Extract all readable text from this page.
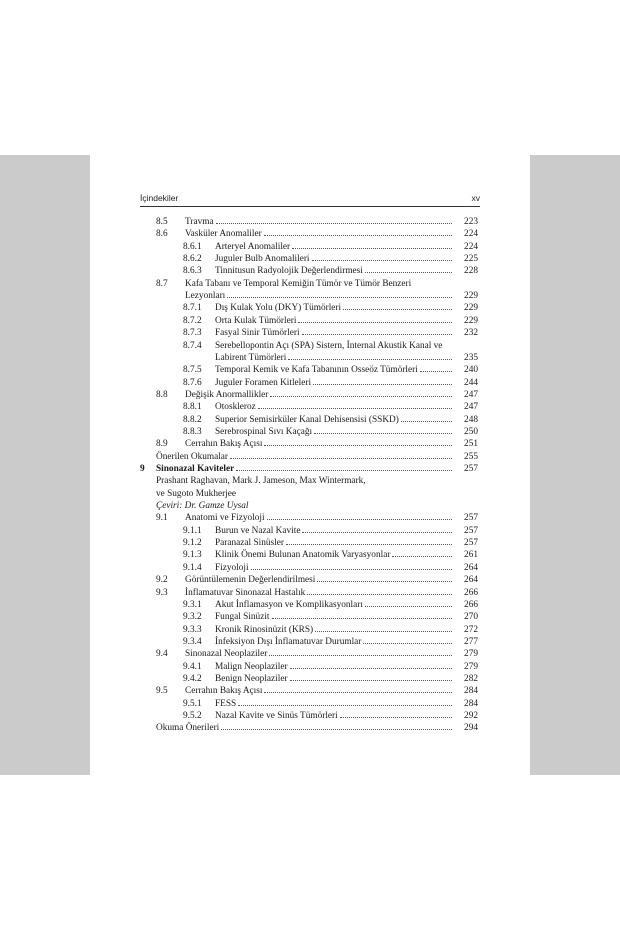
İçindekiler	xv
8.5 Travma	223
8.6 Vasküler Anomaliler	224
8.6.1 Arteryel Anomaliler	224
8.6.2 Juguler Bulb Anomalileri	225
8.6.3 Tinnitusun Radyolojik Değerlendirmesi	228
8.7 Kafa Tabanı ve Temporal Kemiğin Tümör ve Tümör Benzeri
Lezyonları	229
8.7.1 Dış Kulak Yolu (DKY) Tümörleri	229
8.7.2 Orta Kulak Tümörleri	229
8.7.3 Fasyal Sinir Tümörleri	232
8.7.4 Serebellopontin Açı (SPA) Sistern, İnternal Akustik Kanal ve
Labirent Tümörleri	235
8.7.5 Temporal Kemik ve Kafa Tabanının Osseöz Tümörleri	240
8.7.6 Juguler Foramen Kitleleri	244
8.8 Değişik Anormallikler	247
8.8.1 Otoskleroz	247
8.8.2 Superior Semisirküler Kanal Dehisensisi (SSKD)	248
8.8.3 Serebrospinal Sıvı Kaçağı	250
8.9 Cerrahın Bakış Açısı	251
Önerilen Okumalar	255
9 Sinonazal Kaviteler	257
Prashant Raghavan, Mark J. Jameson, Max Wintermark,
ve Sugoto Mukherjee
Çeviri: Dr. Gamze Uysal
9.1 Anatomi ve Fizyoloji	257
9.1.1 Burun ve Nazal Kavite	257
9.1.2 Paranazal Sinüsler	257
9.1.3 Klinik Önemi Bulunan Anatomik Varyasyonlar	261
9.1.4 Fizyoloji	264
9.2 Görüntülemenin Değerlendirilmesi	264
9.3 İnflamatuvar Sinonazal Hastalık	266
9.3.1 Akut İnflamasyon ve Komplikasyonları	266
9.3.2 Fungal Sinüzit	270
9.3.3 Kronik Rinosinüzit (KRS)	272
9.3.4 İnfeksiyon Dışı İnflamatuvar Durumlar	277
9.4 Sinonazal Neoplaziler	279
9.4.1 Malign Neoplaziler	279
9.4.2 Benign Neoplaziler	282
9.5 Cerrahın Bakış Açısı	284
9.5.1 FESS	284
9.5.2 Nazal Kavite ve Sinüs Tümörleri	292
Okuma Önerileri	294
